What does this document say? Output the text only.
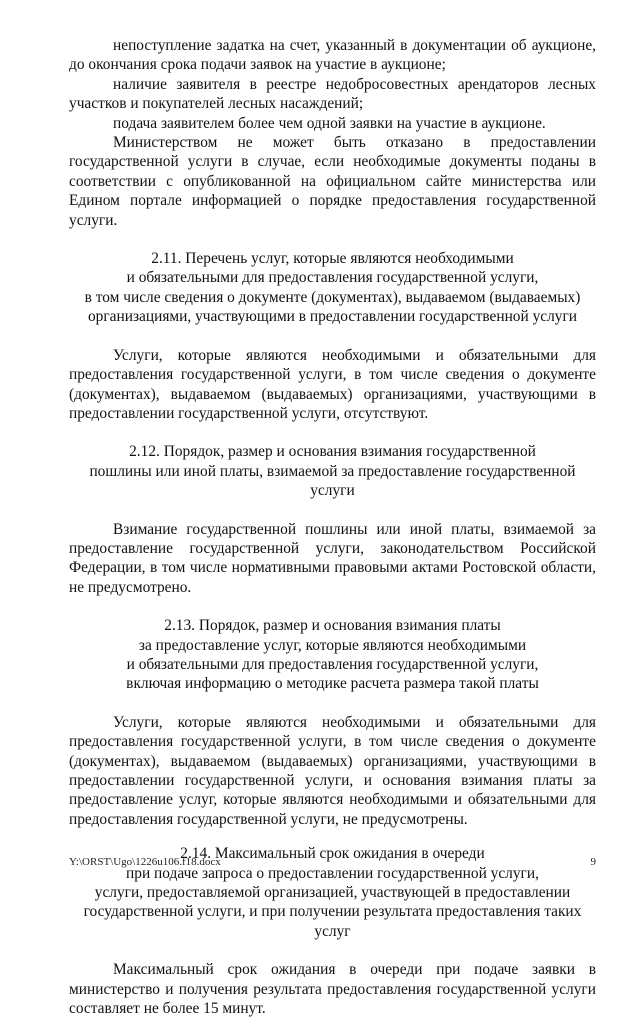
непоступление задатка на счет, указанный в документации об аукционе, до окончания срока подачи заявок на участие в аукционе;

наличие заявителя в реестре недобросовестных арендаторов лесных участков и покупателей лесных насаждений;

подача заявителем более чем одной заявки на участие в аукционе.

Министерством не может быть отказано в предоставлении государственной услуги в случае, если необходимые документы поданы в соответствии с опубликованной на официальном сайте министерства или Едином портале информацией о порядке предоставления государственной услуги.

2.11. Перечень услуг, которые являются необходимыми
и обязательными для предоставления государственной услуги,
в том числе сведения о документе (документах), выдаваемом (выдаваемых)
организациями, участвующими в предоставлении государственной услуги

Услуги, которые являются необходимыми и обязательными для предоставления государственной услуги, в том числе сведения о документе (документах), выдаваемом (выдаваемых) организациями, участвующими в предоставлении государственной услуги, отсутствуют.

2.12. Порядок, размер и основания взимания государственной
пошлины или иной платы, взимаемой за предоставление государственной услуги

Взимание государственной пошлины или иной платы, взимаемой за предоставление государственной услуги, законодательством Российской Федерации, в том числе нормативными правовыми актами Ростовской области, не предусмотрено.

2.13. Порядок, размер и основания взимания платы
за предоставление услуг, которые являются необходимыми
и обязательными для предоставления государственной услуги,
включая информацию о методике расчета размера такой платы

Услуги, которые являются необходимыми и обязательными для предоставления государственной услуги, в том числе сведения о документе (документах), выдаваемом (выдаваемых) организациями, участвующими в предоставлении государственной услуги, и основания взимания платы за предоставление услуг, которые являются необходимыми и обязательными для предоставления государственной услуги, не предусмотрены.

2.14. Максимальный срок ожидания в очереди
при подаче запроса о предоставлении государственной услуги,
услуги, предоставляемой организацией, участвующей в предоставлении
государственной услуги, и при получении результата предоставления таких услуг

Максимальный срок ожидания в очереди при подаче заявки в министерство и получения результата предоставления государственной услуги составляет не более 15 минут.

Y:\ORST\Ugo\1226u106.f18.docx	9
